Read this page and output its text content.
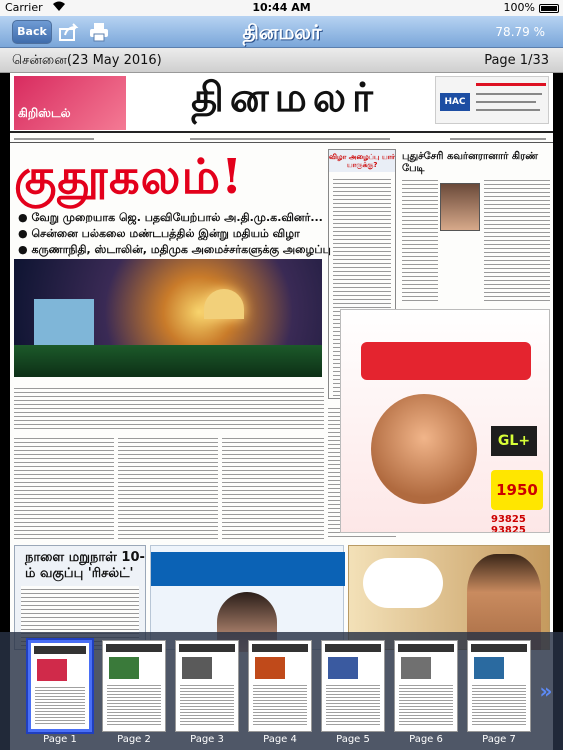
Carrier	10:44 AM	100%
Back	தினமலர்	78.79 %
சென்னை(23 May 2016)	Page 1/33
கிறிஸ்டல்	தினமலர்	HAC
குதூகலம்!
● வேறு முறையாக ஜெ. பதவியேற்பால் அ.தி.மு.க.வினர்...
● சென்னை பல்கலை மண்டபத்தில் இன்று மதியம் விழா
● கருணாநிதி, ஸ்டாலின், மதிமுக அமைச்சர்களுக்கு அழைப்பு
விழா அழைப்பு யார் யாருக்கு?
புதுச்சேரி கவர்னரானார் கிரண் பேடி
GL+
1950
93825 93825
நாளை மறுநாள் 10-ம் வகுப்பு 'ரிசல்ட்'
Page 1	Page 2	Page 3	Page 4	Page 5	Page 6	Page 7
»
